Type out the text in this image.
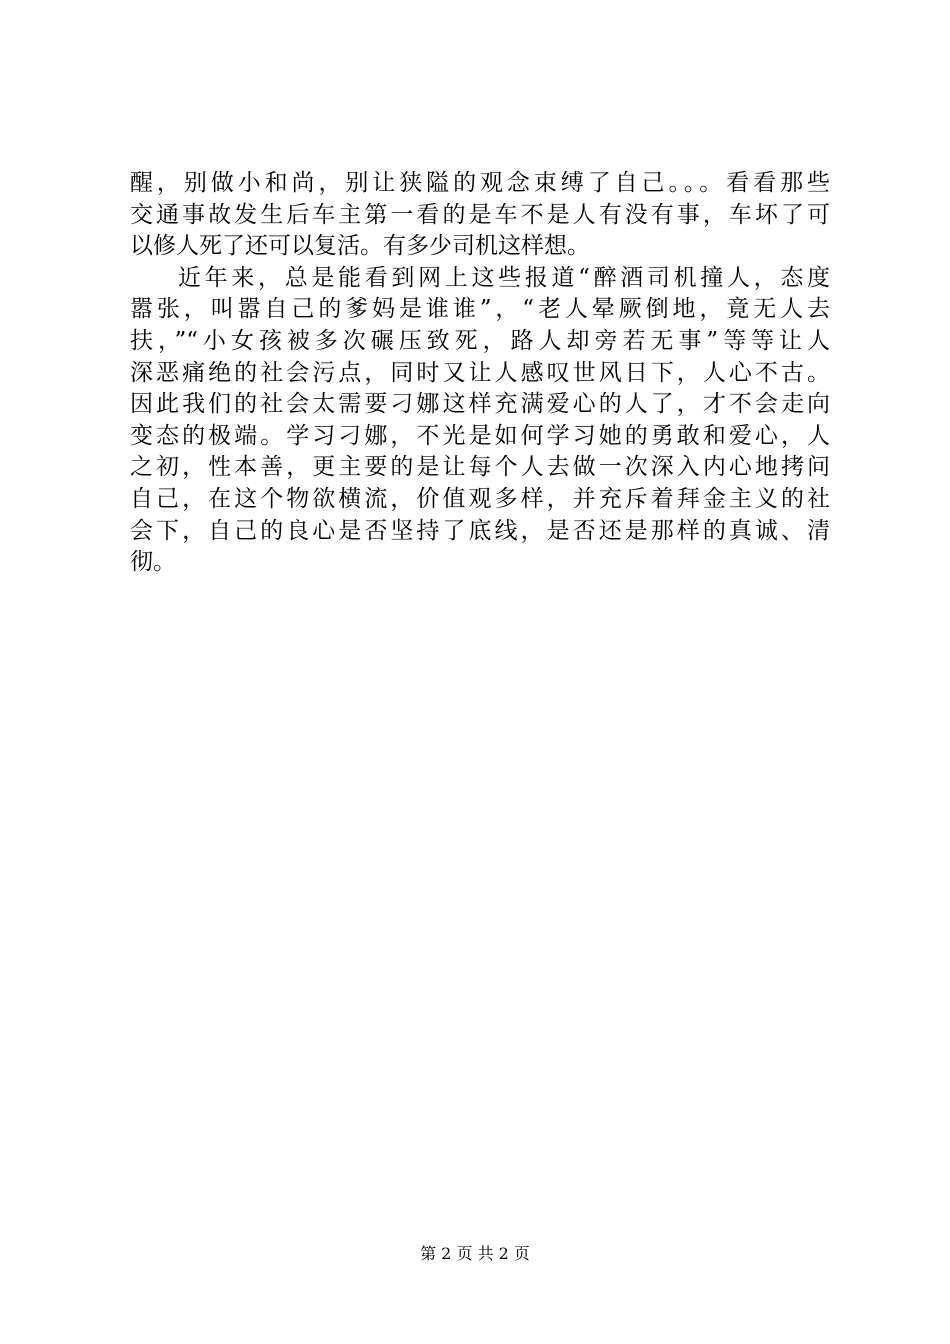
醒，别做小和尚，别让狭隘的观念束缚了自己。。。看看那些
交通事故发生后车主第一看的是车不是人有没有事，车坏了可
以修人死了还可以复活。有多少司机这样想。
近年来，总是能看到网上这些报道“醉酒司机撞人，态度
嚣张，叫嚣自己的爹妈是谁谁”，“老人晕厥倒地，竟无人去
扶，”“小女孩被多次碾压致死，路人却旁若无事”等等让人
深恶痛绝的社会污点，同时又让人感叹世风日下，人心不古。
因此我们的社会太需要刁娜这样充满爱心的人了，才不会走向
变态的极端。学习刁娜，不光是如何学习她的勇敢和爱心，人
之初，性本善，更主要的是让每个人去做一次深入内心地拷问
自己，在这个物欲横流，价值观多样，并充斥着拜金主义的社
会下，自己的良心是否坚持了底线，是否还是那样的真诚、清
彻。
第 2 页 共 2 页
